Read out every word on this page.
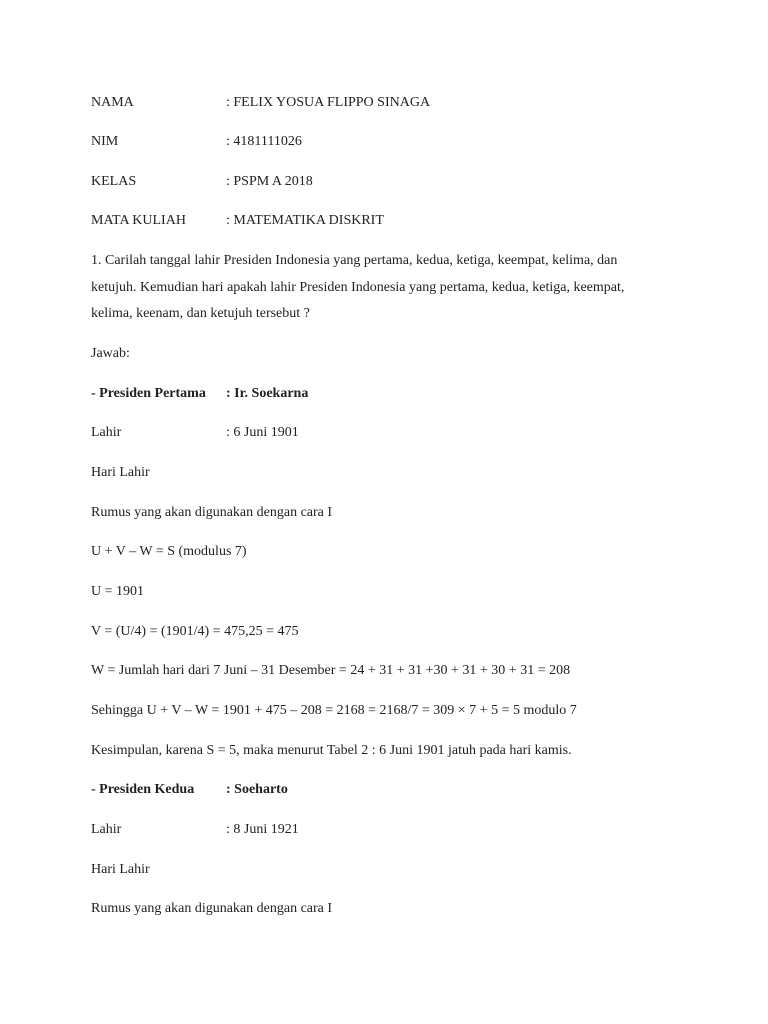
NAMA	: FELIX YOSUA FLIPPO SINAGA
NIM	: 4181111026
KELAS	: PSPM A 2018
MATA KULIAH	: MATEMATIKA DISKRIT
1. Carilah tanggal lahir Presiden Indonesia yang pertama, kedua, ketiga, keempat, kelima, dan
ketujuh. Kemudian hari apakah lahir Presiden Indonesia yang pertama, kedua, ketiga, keempat,
kelima, keenam, dan ketujuh tersebut ?
Jawab:
- Presiden Pertama : Ir. Soekarna
Lahir	: 6 Juni 1901
Hari Lahir
Rumus yang akan digunakan dengan cara I
U + V – W = S (modulus 7)
U = 1901
V = (U/4) = (1901/4) = 475,25 = 475
W = Jumlah hari dari 7 Juni – 31 Desember = 24 + 31 + 31 +30 + 31 + 30 + 31 = 208
Sehingga U + V – W = 1901 + 475 – 208 = 2168 = 2168/7 = 309 × 7 + 5 = 5 modulo 7
Kesimpulan, karena S = 5, maka menurut Tabel 2 : 6 Juni 1901 jatuh pada hari kamis.
- Presiden Kedua : Soeharto
Lahir	: 8 Juni 1921
Hari Lahir
Rumus yang akan digunakan dengan cara I
